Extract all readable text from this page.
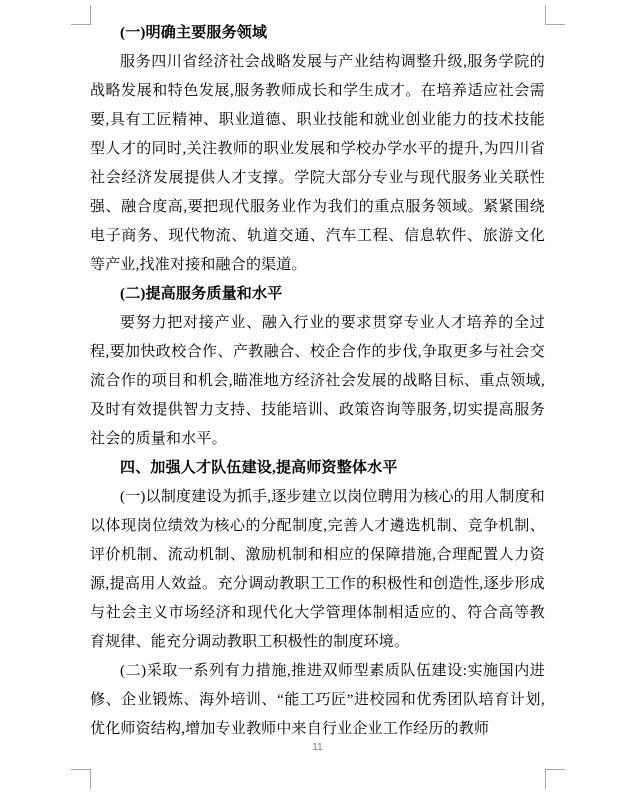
(一)明确主要服务领域

服务四川省经济社会战略发展与产业结构调整升级,服务学院的战略发展和特色发展,服务教师成长和学生成才。在培养适应社会需要,具有工匠精神、职业道德、职业技能和就业创业能力的技术技能型人才的同时,关注教师的职业发展和学校办学水平的提升,为四川省社会经济发展提供人才支撑。学院大部分专业与现代服务业关联性强、融合度高,要把现代服务业作为我们的重点服务领域。紧紧围绕电子商务、现代物流、轨道交通、汽车工程、信息软件、旅游文化等产业,找准对接和融合的渠道。

(二)提高服务质量和水平

要努力把对接产业、融入行业的要求贯穿专业人才培养的全过程,要加快政校合作、产教融合、校企合作的步伐,争取更多与社会交流合作的项目和机会,瞄准地方经济社会发展的战略目标、重点领域,及时有效提供智力支持、技能培训、政策咨询等服务,切实提高服务社会的质量和水平。

四、加强人才队伍建设,提高师资整体水平

(一)以制度建设为抓手,逐步建立以岗位聘用为核心的用人制度和以体现岗位绩效为核心的分配制度,完善人才遴选机制、竞争机制、评价机制、流动机制、激励机制和相应的保障措施,合理配置人力资源,提高用人效益。充分调动教职工工作的积极性和创造性,逐步形成与社会主义市场经济和现代化大学管理体制相适应的、符合高等教育规律、能充分调动教职工积极性的制度环境。

(二)采取一系列有力措施,推进双师型素质队伍建设:实施国内进修、企业锻炼、海外培训、“能工巧匠”进校园和优秀团队培育计划,优化师资结构,增加专业教师中来自行业企业工作经历的教师

11
